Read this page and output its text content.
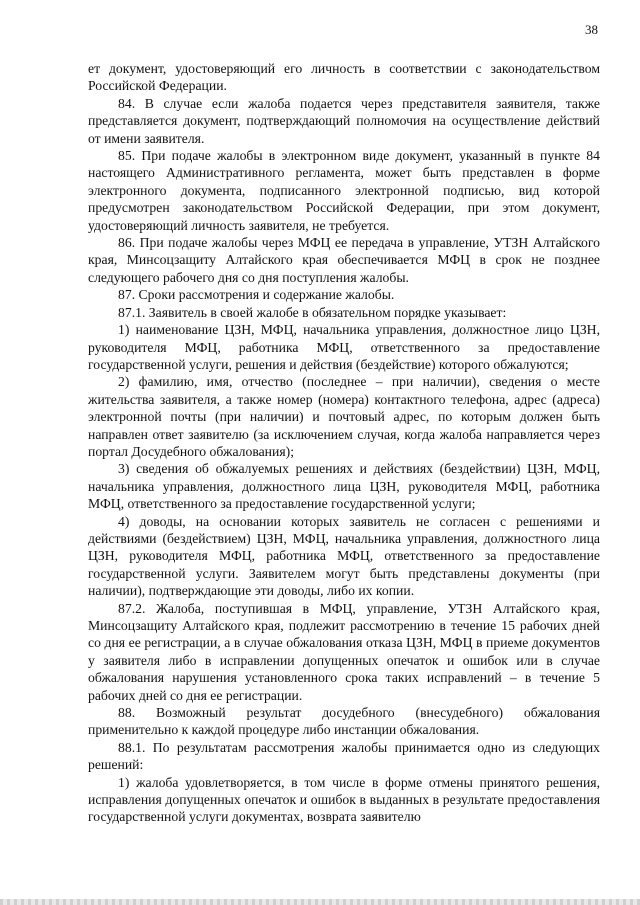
38

ет документ, удостоверяющий его личность в соответствии с законодательством Российской Федерации.

84. В случае если жалоба подается через представителя заявителя, также представляется документ, подтверждающий полномочия на осуществление действий от имени заявителя.

85. При подаче жалобы в электронном виде документ, указанный в пункте 84 настоящего Административного регламента, может быть представлен в форме электронного документа, подписанного электронной подписью, вид которой предусмотрен законодательством Российской Федерации, при этом документ, удостоверяющий личность заявителя, не требуется.

86. При подаче жалобы через МФЦ ее передача в управление, УТЗН Алтайского края, Минсоцзащиту Алтайского края обеспечивается МФЦ в срок не позднее следующего рабочего дня со дня поступления жалобы.

87. Сроки рассмотрения и содержание жалобы.

87.1. Заявитель в своей жалобе в обязательном порядке указывает:

1) наименование ЦЗН, МФЦ, начальника управления, должностное лицо ЦЗН, руководителя МФЦ, работника МФЦ, ответственного за предоставление государственной услуги, решения и действия (бездействие) которого обжалуются;

2) фамилию, имя, отчество (последнее – при наличии), сведения о месте жительства заявителя, а также номер (номера) контактного телефона, адрес (адреса) электронной почты (при наличии) и почтовый адрес, по которым должен быть направлен ответ заявителю (за исключением случая, когда жалоба направляется через портал Досудебного обжалования);

3) сведения об обжалуемых решениях и действиях (бездействии) ЦЗН, МФЦ, начальника управления, должностного лица ЦЗН, руководителя МФЦ, работника МФЦ, ответственного за предоставление государственной услуги;

4) доводы, на основании которых заявитель не согласен с решениями и действиями (бездействием) ЦЗН, МФЦ, начальника управления, должностного лица ЦЗН, руководителя МФЦ, работника МФЦ, ответственного за предоставление государственной услуги. Заявителем могут быть представлены документы (при наличии), подтверждающие эти доводы, либо их копии.

87.2. Жалоба, поступившая в МФЦ, управление, УТЗН Алтайского края, Минсоцзащиту Алтайского края, подлежит рассмотрению в течение 15 рабочих дней со дня ее регистрации, а в случае обжалования отказа ЦЗН, МФЦ в приеме документов у заявителя либо в исправлении допущенных опечаток и ошибок или в случае обжалования нарушения установленного срока таких исправлений – в течение 5 рабочих дней со дня ее регистрации.

88. Возможный результат досудебного (внесудебного) обжалования применительно к каждой процедуре либо инстанции обжалования.

88.1. По результатам рассмотрения жалобы принимается одно из следующих решений:

1) жалоба удовлетворяется, в том числе в форме отмены принятого решения, исправления допущенных опечаток и ошибок в выданных в результате предоставления государственной услуги документах, возврата заявителю
